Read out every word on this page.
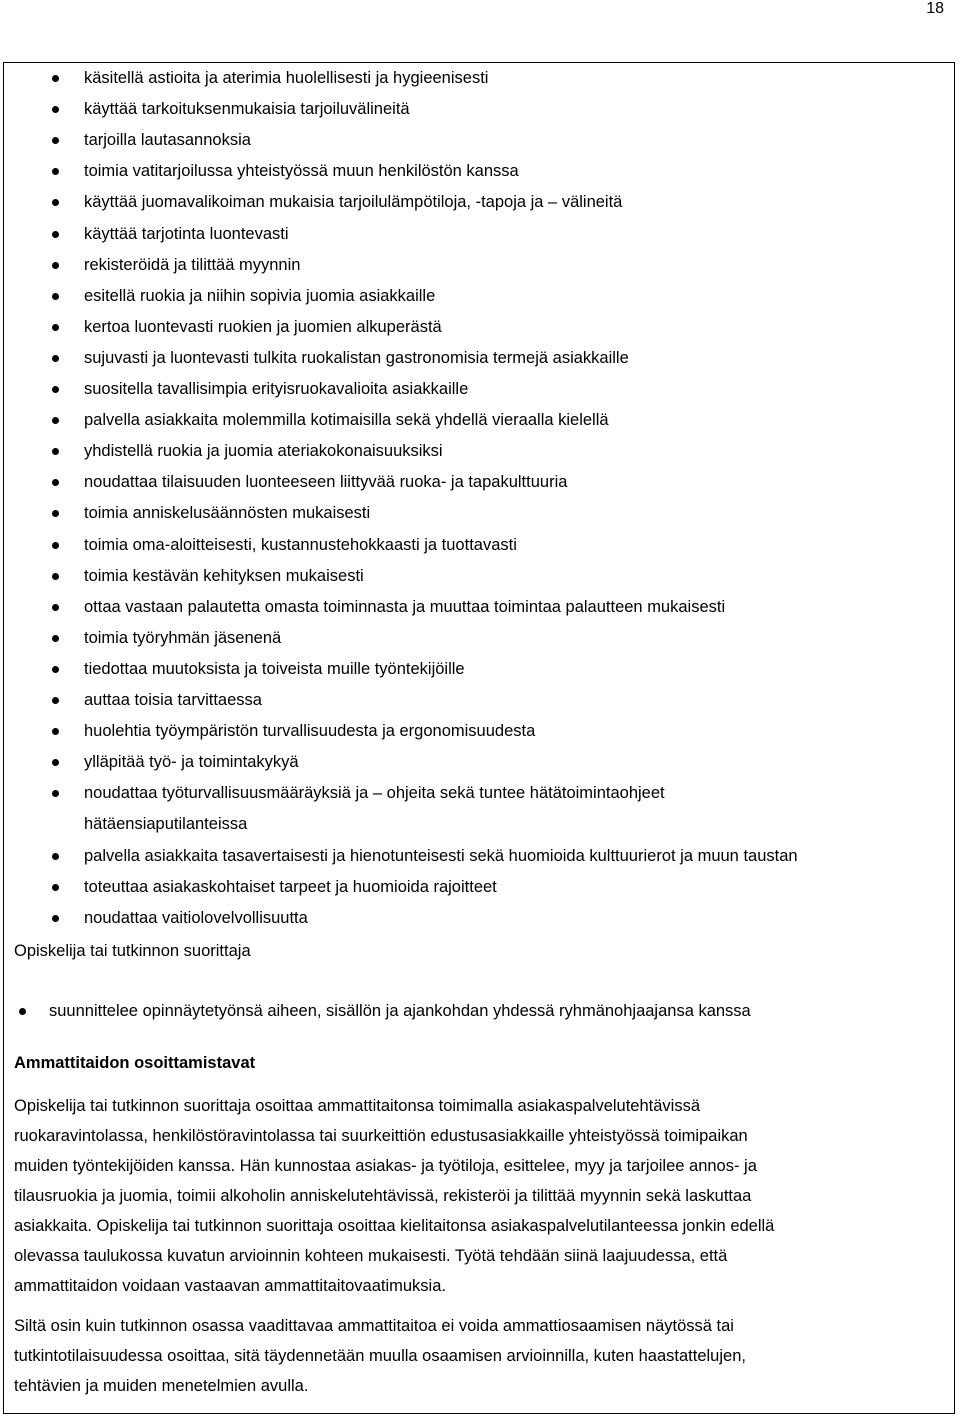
18
käsitellä astioita ja aterimia huolellisesti ja hygieenisesti
käyttää tarkoituksenmukaisia tarjoiluvälineitä
tarjoilla lautasannoksia
toimia vatitarjoilussa yhteistyössä muun henkilöstön kanssa
käyttää juomavalikoiman mukaisia tarjoilulämpötiloja, -tapoja ja – välineitä
käyttää tarjotinta luontevasti
rekisteröidä ja tilittää myynnin
esitellä ruokia ja niihin sopivia juomia asiakkaille
kertoa luontevasti ruokien ja juomien alkuperästä
sujuvasti ja luontevasti tulkita ruokalistan gastronomisia termejä asiakkaille
suositella tavallisimpia erityisruokavalioita asiakkaille
palvella asiakkaita molemmilla kotimaisilla sekä yhdellä vieraalla kielellä
yhdistellä ruokia ja juomia ateriakokonaisuuksiksi
noudattaa tilaisuuden luonteeseen liittyvää ruoka- ja tapakulttuuria
toimia anniskelusäännösten mukaisesti
toimia oma-aloitteisesti, kustannustehokkaasti ja tuottavasti
toimia kestävän kehityksen mukaisesti
ottaa vastaan palautetta omasta toiminnasta ja muuttaa toimintaa palautteen mukaisesti
toimia työryhmän jäsenenä
tiedottaa muutoksista ja toiveista muille työntekijöille
auttaa toisia tarvittaessa
huolehtia työympäristön turvallisuudesta ja ergonomisuudesta
ylläpitää työ- ja toimintakykyä
noudattaa työturvallisuusmääräyksiä ja – ohjeita sekä tuntee hätätoimintaohjeet
hätäensiaputilanteissa
palvella asiakkaita tasavertaisesti ja hienotunteisesti sekä huomioida kulttuurierot ja muun taustan
toteuttaa asiakaskohtaiset tarpeet ja huomioida rajoitteet
noudattaa vaitiolovelvollisuutta
Opiskelija tai tutkinnon suorittaja
suunnittelee opinnäytetyönsä aiheen, sisällön ja ajankohdan yhdessä ryhmänohjaajansa kanssa
Ammattitaidon osoittamistavat
Opiskelija tai tutkinnon suorittaja osoittaa ammattitaitonsa toimimalla asiakaspalvelutehtävissä
ruokaravintolassa, henkilöstöravintolassa tai suurkeittiön edustusasiakkaille yhteistyössä toimipaikan
muiden työntekijöiden kanssa. Hän kunnostaa asiakas- ja työtiloja, esittelee, myy ja tarjoilee annos- ja
tilausruokia ja juomia, toimii alkoholin anniskelutehtävissä, rekisteröi ja tilittää myynnin sekä laskuttaa
asiakkaita. Opiskelija tai tutkinnon suorittaja osoittaa kielitaitonsa asiakaspalvelutilanteessa jonkin edellä
olevassa taulukossa kuvatun arvioinnin kohteen mukaisesti. Työtä tehdään siinä laajuudessa, että
ammattitaidon voidaan vastaavan ammattitaitovaatimuksia.
Siltä osin kuin tutkinnon osassa vaadittavaa ammattitaitoa ei voida ammattiosaamisen näytössä tai
tutkintotilaisuudessa osoittaa, sitä täydennetään muulla osaamisen arvioinnilla, kuten haastattelujen,
tehtävien ja muiden menetelmien avulla.
